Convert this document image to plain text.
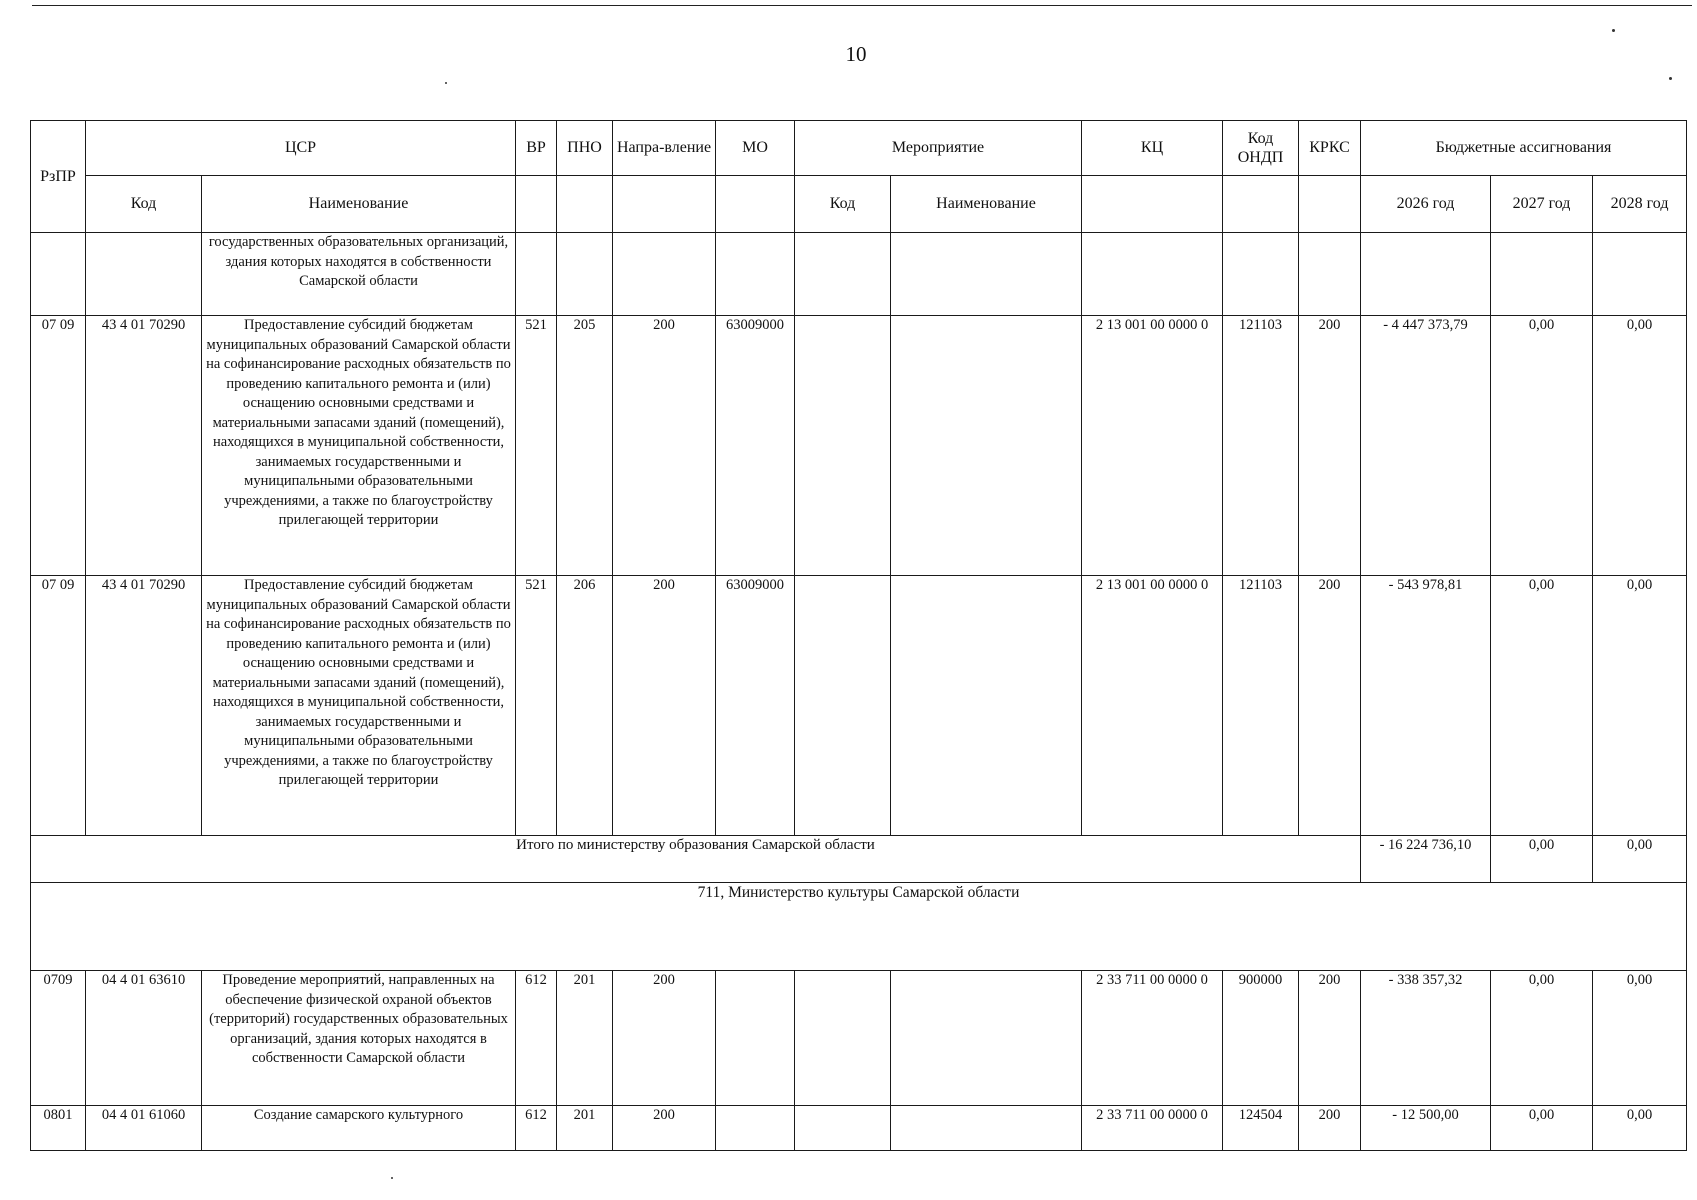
10
РзПР	ЦСР		ВР	ПНО	Напра-вление	МО	Мероприятие		КЦ	Код ОНДП	КРКС	Бюджетные ассигнования		
	Код	Наименование					Код	Наименование				2026 год	2027 год	2028 год
		государственных образовательных организаций, здания которых находятся в собственности Самарской области												
07 09	43 4 01 70290	Предоставление субсидий бюджетам муниципальных образований Самарской области на софинансирование расходных обязательств по проведению капитального ремонта и (или) оснащению основными средствами и материальными запасами зданий (помещений), находящихся в муниципальной собственности, занимаемых государственными и муниципальными образовательными учреждениями, а также по благоустройству прилегающей территории	521	205	200	63009000			2 13 001 00 0000 0	121103	200	- 4 447 373,79	0,00	0,00
07 09	43 4 01 70290	Предоставление субсидий бюджетам муниципальных образований Самарской области на софинансирование расходных обязательств по проведению капитального ремонта и (или) оснащению основными средствами и материальными запасами зданий (помещений), находящихся в муниципальной собственности, занимаемых государственными и муниципальными образовательными учреждениями, а также по благоустройству прилегающей территории	521	206	200	63009000			2 13 001 00 0000 0	121103	200	- 543 978,81	0,00	0,00
Итого по министерству образования Самарской области												- 16 224 736,10	0,00	0,00
711, Министерство культуры Самарской области														
0709	04 4 01 63610	Проведение мероприятий, направленных на обеспечение физической охраной объектов (территорий) государственных образовательных организаций, здания которых находятся в собственности Самарской области	612	201	200				2 33 711 00 0000 0	900000	200	- 338 357,32	0,00	0,00
0801	04 4 01 61060	Создание самарского культурного	612	201	200				2 33 711 00 0000 0	124504	200	- 12 500,00	0,00	0,00
